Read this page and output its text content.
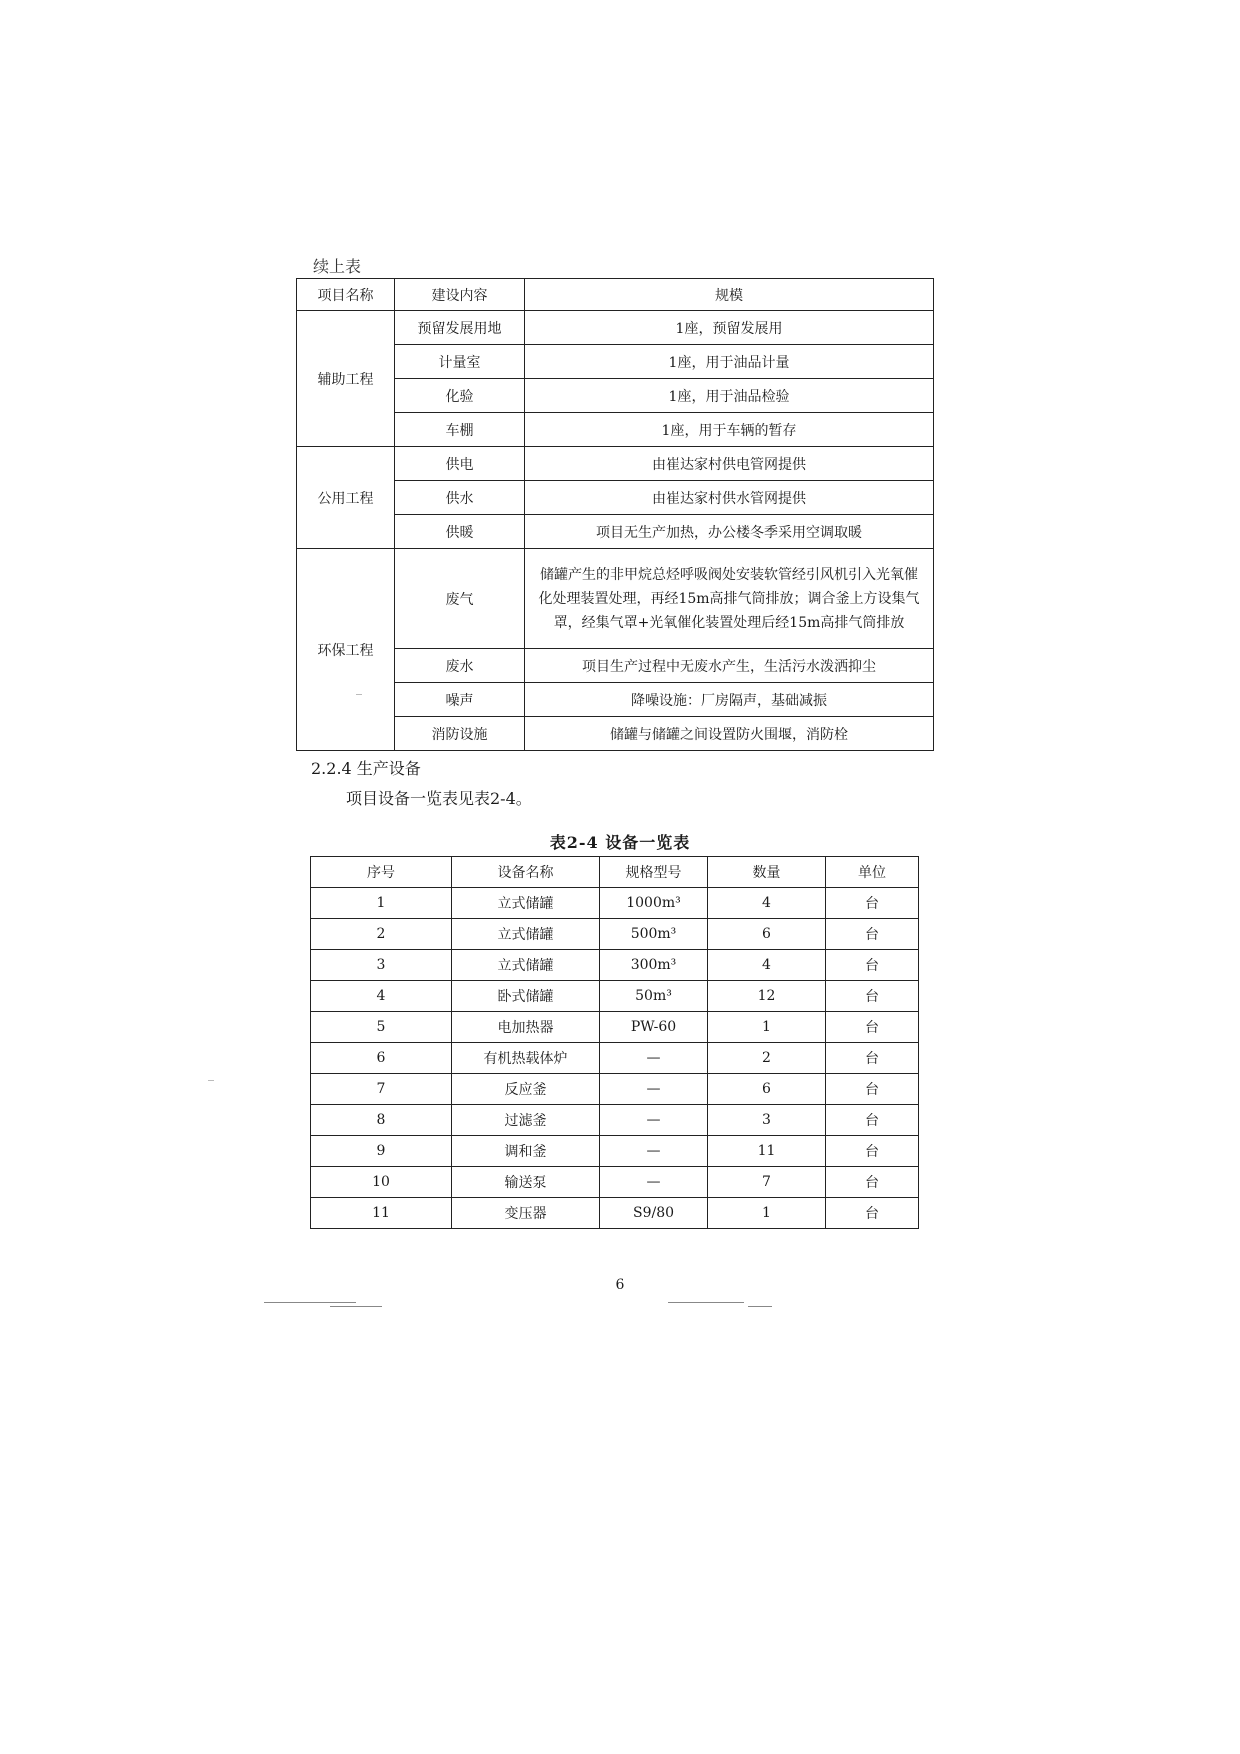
续上表
项目名称	建设内容	规模
辅助工程	预留发展用地	1座，预留发展用
	计量室	1座，用于油品计量
	化验	1座，用于油品检验
	车棚	1座，用于车辆的暂存
公用工程	供电	由崔达家村供电管网提供
	供水	由崔达家村供水管网提供
	供暖	项目无生产加热，办公楼冬季采用空调取暖
环保工程	废气	储罐产生的非甲烷总烃呼吸阀处安装软管经引风机引入光氧催化处理装置处理，再经15m高排气筒排放；调合釜上方设集气罩，经集气罩+光氧催化装置处理后经15m高排气筒排放
	废水	项目生产过程中无废水产生，生活污水泼洒抑尘
	噪声	降噪设施：厂房隔声，基础减振
	消防设施	储罐与储罐之间设置防火围堰，消防栓
2.2.4 生产设备
项目设备一览表见表2-4。
表2-4 设备一览表
序号	设备名称	规格型号	数量	单位
1	立式储罐	1000m³	4	台
2	立式储罐	500m³	6	台
3	立式储罐	300m³	4	台
4	卧式储罐	50m³	12	台
5	电加热器	PW-60	1	台
6	有机热载体炉	—	2	台
7	反应釜	—	6	台
8	过滤釜	—	3	台
9	调和釜	—	11	台
10	输送泵	—	7	台
11	变压器	S9/80	1	台
6
